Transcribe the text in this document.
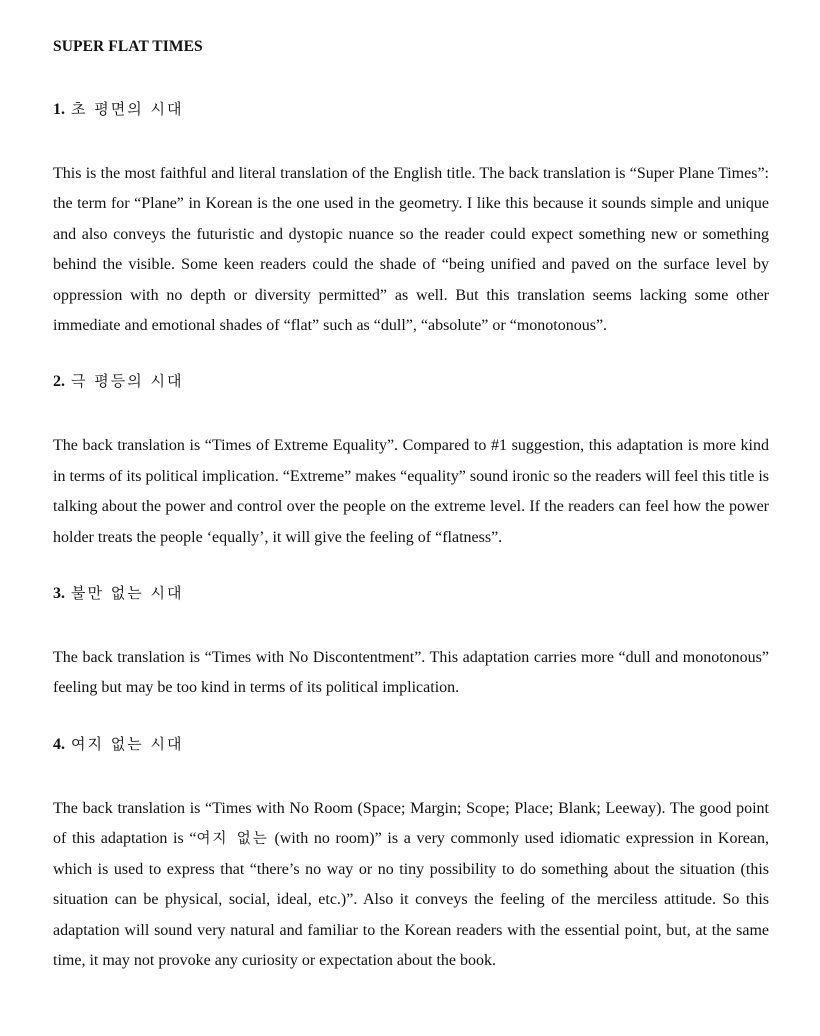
SUPER FLAT TIMES
1. 초 평면의 시대

This is the most faithful and literal translation of the English title. The back translation is “Super Plane Times”: the term for “Plane” in Korean is the one used in the geometry. I like this because it sounds simple and unique and also conveys the futuristic and dystopic nuance so the reader could expect something new or something behind the visible. Some keen readers could the shade of “being unified and paved on the surface level by oppression with no depth or diversity permitted” as well. But this translation seems lacking some other immediate and emotional shades of “flat” such as “dull”, “absolute” or “monotonous”.

2. 극 평등의 시대

The back translation is “Times of Extreme Equality”. Compared to #1 suggestion, this adaptation is more kind in terms of its political implication. “Extreme” makes “equality” sound ironic so the readers will feel this title is talking about the power and control over the people on the extreme level. If the readers can feel how the power holder treats the people ‘equally’, it will give the feeling of “flatness”.

3. 불만 없는 시대

The back translation is “Times with No Discontentment”. This adaptation carries more “dull and monotonous” feeling but may be too kind in terms of its political implication.

4. 여지 없는 시대

The back translation is “Times with No Room (Space; Margin; Scope; Place; Blank; Leeway). The good point of this adaptation is “여지 없는 (with no room)” is a very commonly used idiomatic expression in Korean, which is used to express that “there’s no way or no tiny possibility to do something about the situation (this situation can be physical, social, ideal, etc.)”. Also it conveys the feeling of the merciless attitude. So this adaptation will sound very natural and familiar to the Korean readers with the essential point, but, at the same time, it may not provoke any curiosity or expectation about the book.
